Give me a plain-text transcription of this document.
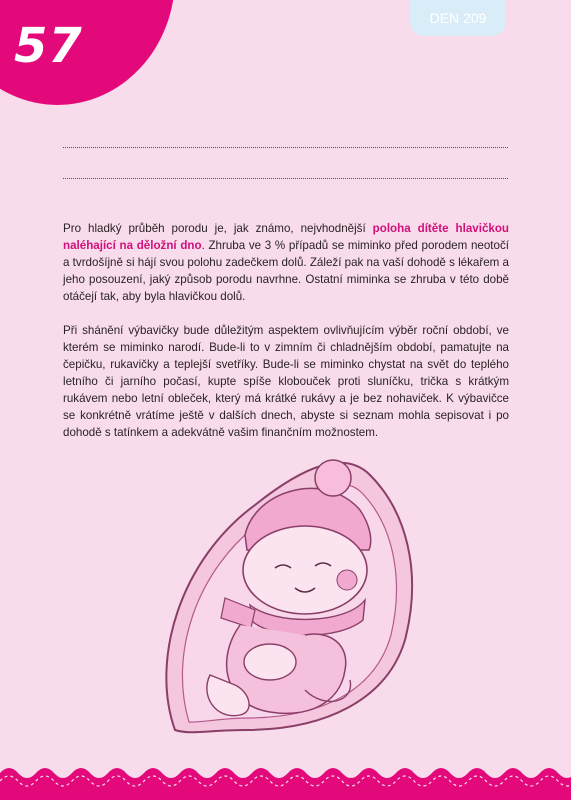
57	DEN 209

Pro hladký průběh porodu je, jak známo, nejvhodnější poloha dítěte hlavičkou naléhající na děložní dno. Zhruba ve 3 % případů se miminko před porodem neotočí a tvrdošíjně si hájí svou polohu zadečkem dolů. Záleží pak na vaší dohodě s lékařem a jeho posouzení, jaký způsob porodu navrhne. Ostatní miminka se zhruba v této době otáčejí tak, aby byla hlavičkou dolů.

Při shánění výbavičky bude důležitým aspektem ovlivňujícím výběr roční období, ve kterém se miminko narodí. Bude-li to v zimním či chladnějším období, pamatujte na čepičku, rukavičky a teplejší svetříky. Bude-li se miminko chystat na svět do teplého letního či jarního počasí, kupte spíše klobouček proti sluníčku, trička s krátkým rukávem nebo letní obleček, který má krátké rukávy a je bez nohaviček. K výbavičce se konkrétně vrátíme ještě v dalších dnech, abyste si seznam mohla sepisovat i po dohodě s tatínkem a adekvátně vašim finančním možnostem.
